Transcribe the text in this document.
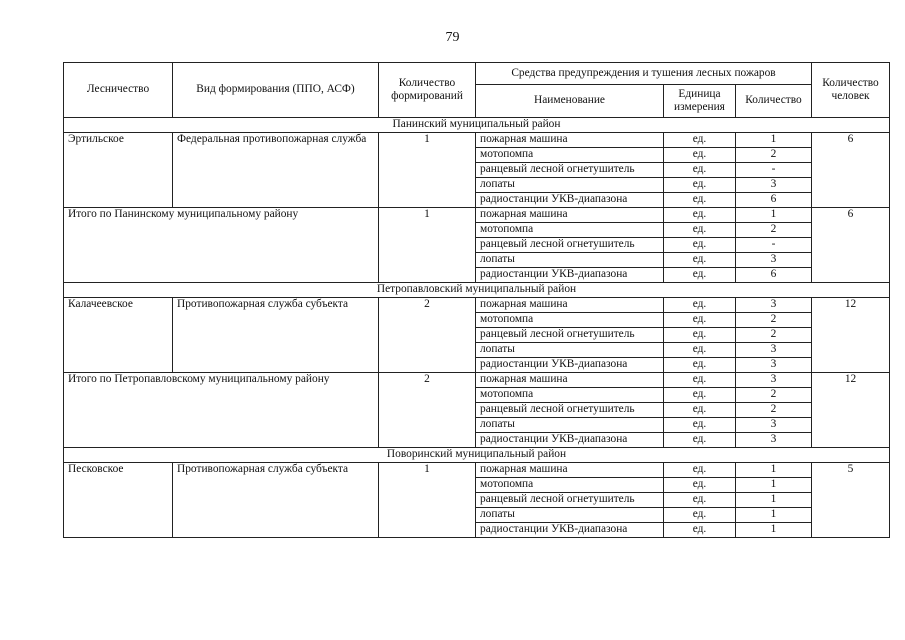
79
Лесничество	Вид формирования (ППО, АСФ)	Количество формирований	Средства предупреждения и тушения лесных пожаров			Количество человек
			Наименование	Единица измерения	Количество	
Панинский муниципальный район						
Эртильское	Федеральная противопожарная служба	1	пожарная машина	ед.	1	6
			мотопомпа	ед.	2	
			ранцевый лесной огнетушитель	ед.	-	
			лопаты	ед.	3	
			радиостанции УКВ-диапазона	ед.	6	
Итого по Панинскому муниципальному району		1	пожарная машина	ед.	1	6
			мотопомпа	ед.	2	
			ранцевый лесной огнетушитель	ед.	-	
			лопаты	ед.	3	
			радиостанции УКВ-диапазона	ед.	6	
Петропавловский муниципальный район						
Калачеевское	Противопожарная служба субъекта	2	пожарная машина	ед.	3	12
			мотопомпа	ед.	2	
			ранцевый лесной огнетушитель	ед.	2	
			лопаты	ед.	3	
			радиостанции УКВ-диапазона	ед.	3	
Итого по Петропавловскому муниципальному району		2	пожарная машина	ед.	3	12
			мотопомпа	ед.	2	
			ранцевый лесной огнетушитель	ед.	2	
			лопаты	ед.	3	
			радиостанции УКВ-диапазона	ед.	3	
Поворинский муниципальный район						
Песковское	Противопожарная служба субъекта	1	пожарная машина	ед.	1	5
			мотопомпа	ед.	1	
			ранцевый лесной огнетушитель	ед.	1	
			лопаты	ед.	1	
			радиостанции УКВ-диапазона	ед.	1	
